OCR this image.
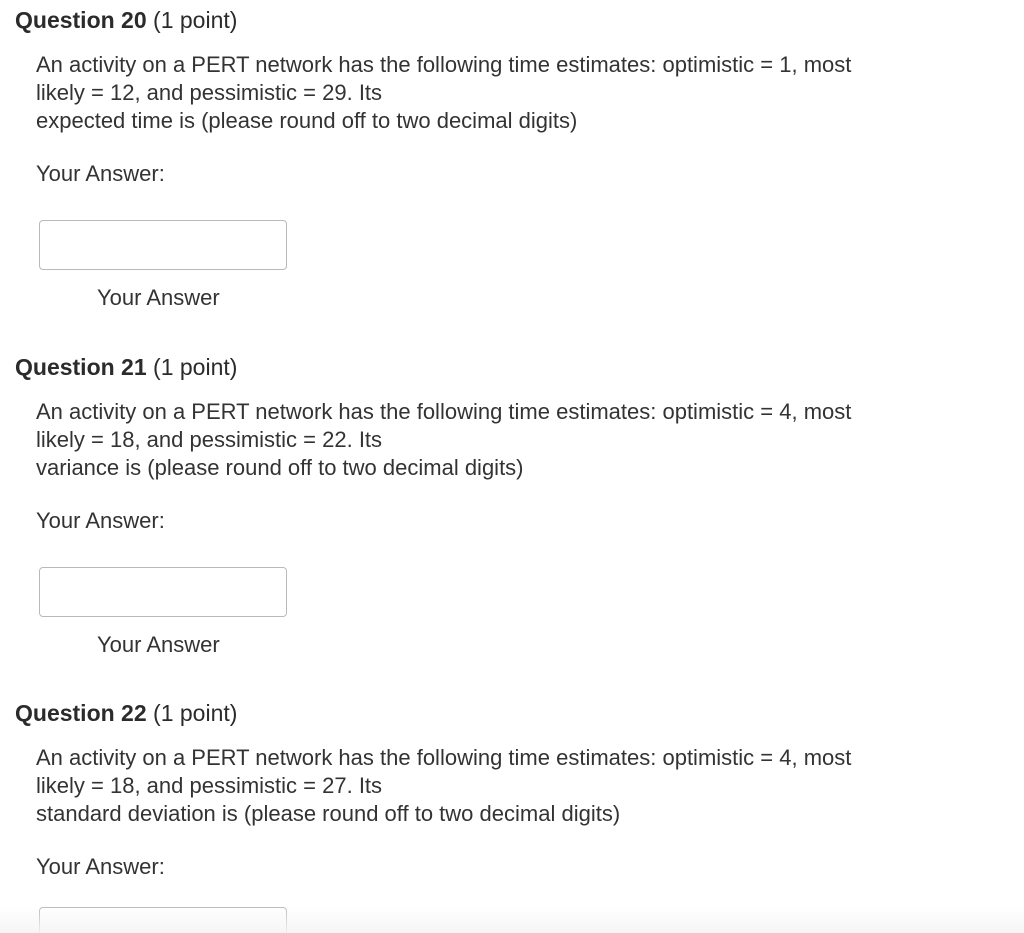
Question 20 (1 point)
An activity on a PERT network has the following time estimates: optimistic = 1, most
likely = 12, and pessimistic = 29. Its
expected time is (please round off to two decimal digits)
Your Answer:
Your Answer
Question 21 (1 point)
An activity on a PERT network has the following time estimates: optimistic = 4, most
likely = 18, and pessimistic = 22. Its
variance is (please round off to two decimal digits)
Your Answer:
Your Answer
Question 22 (1 point)
An activity on a PERT network has the following time estimates: optimistic = 4, most
likely = 18, and pessimistic = 27. Its
standard deviation is (please round off to two decimal digits)
Your Answer:
